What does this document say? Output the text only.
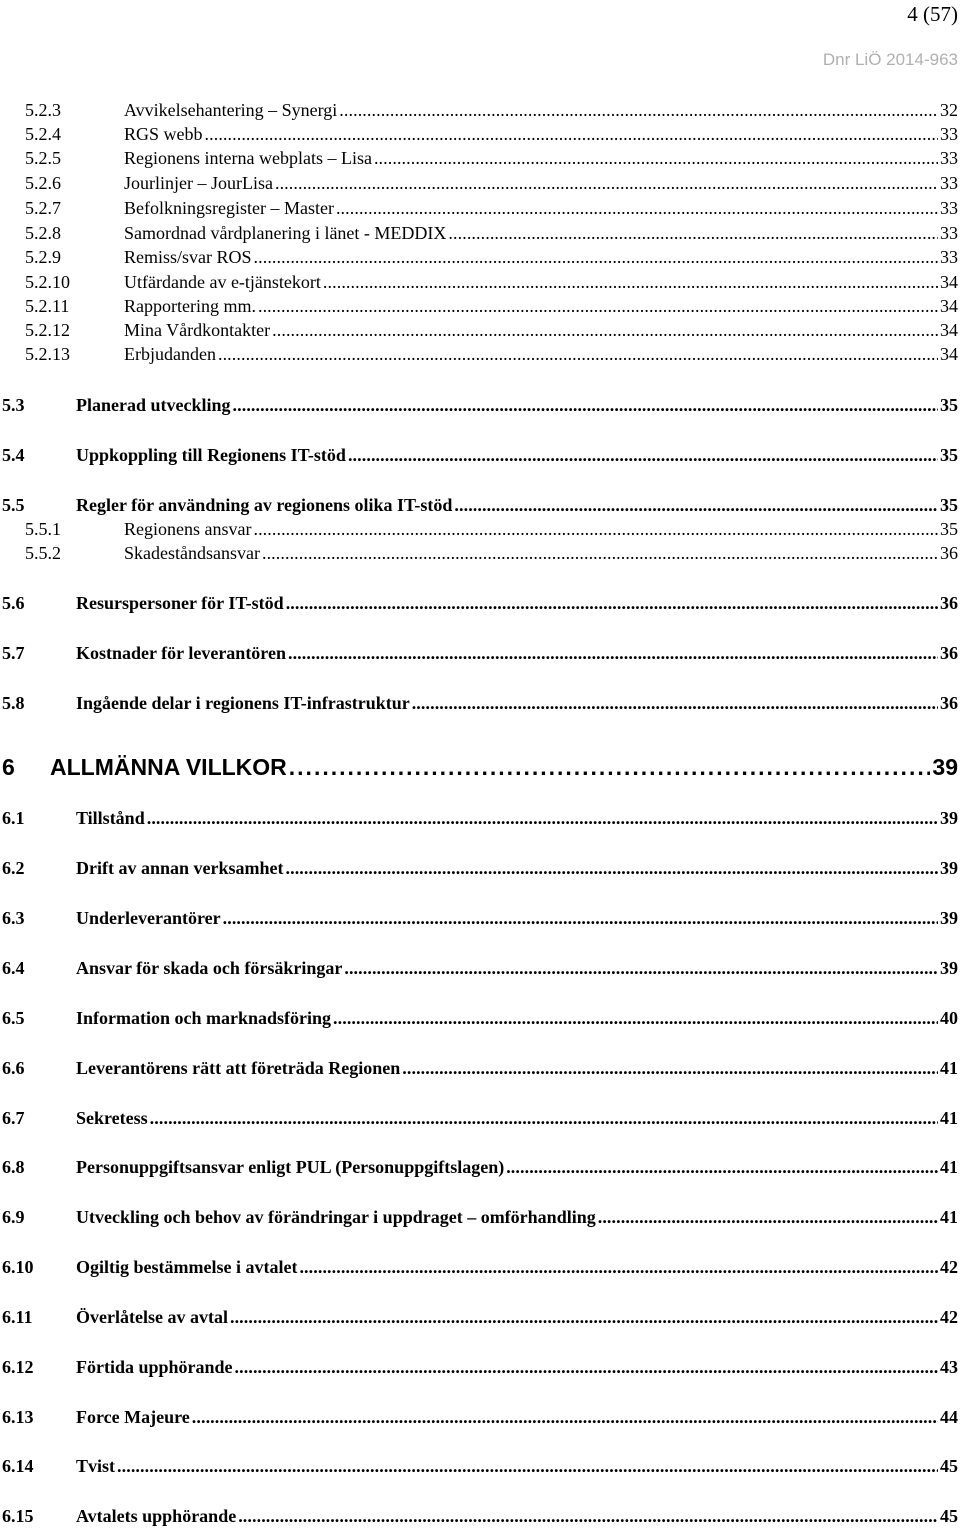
4 (57)
Dnr LiÖ 2014-963
5.2.3	Avvikelsehantering – Synergi . . .	32
5.2.4	RGS webb . . .	33
5.2.5	Regionens interna webplats – Lisa . . .	33
5.2.6	Jourlinjer – JourLisa . . .	33
5.2.7	Befolkningsregister – Master . . .	33
5.2.8	Samordnad vårdplanering i länet - MEDDIX . . .	33
5.2.9	Remiss/svar ROS . . .	33
5.2.10	Utfärdande av e-tjänstekort . . .	34
5.2.11	Rapportering mm. . . .	34
5.2.12	Mina Vårdkontakter . . .	34
5.2.13	Erbjudanden . . .	34
5.3	Planerad utveckling . . .	35
5.4	Uppkoppling till Regionens IT-stöd . . .	35
5.5	Regler för användning av regionens olika IT-stöd . . .	35
5.5.1	Regionens ansvar . . .	35
5.5.2	Skadeståndsansvar . . .	36
5.6	Resurspersoner för IT-stöd . . .	36
5.7	Kostnader för leverantören . . .	36
5.8	Ingående delar i regionens IT-infrastruktur . . .	36
6	ALLMÄNNA VILLKOR . . .	39
6.1	Tillstånd . . .	39
6.2	Drift av annan verksamhet . . .	39
6.3	Underleverantörer . . .	39
6.4	Ansvar för skada och försäkringar . . .	39
6.5	Information och marknadsföring . . .	40
6.6	Leverantörens rätt att företräda Regionen . . .	41
6.7	Sekretess . . .	41
6.8	Personuppgiftsansvar enligt PUL (Personuppgiftslagen) . . .	41
6.9	Utveckling och behov av förändringar i uppdraget – omförhandling . . .	41
6.10	Ogiltig bestämmelse i avtalet . . .	42
6.11	Överlåtelse av avtal . . .	42
6.12	Förtida upphörande . . .	43
6.13	Force Majeure . . .	44
6.14	Tvist . . .	45
6.15	Avtalets upphörande . . .	45
